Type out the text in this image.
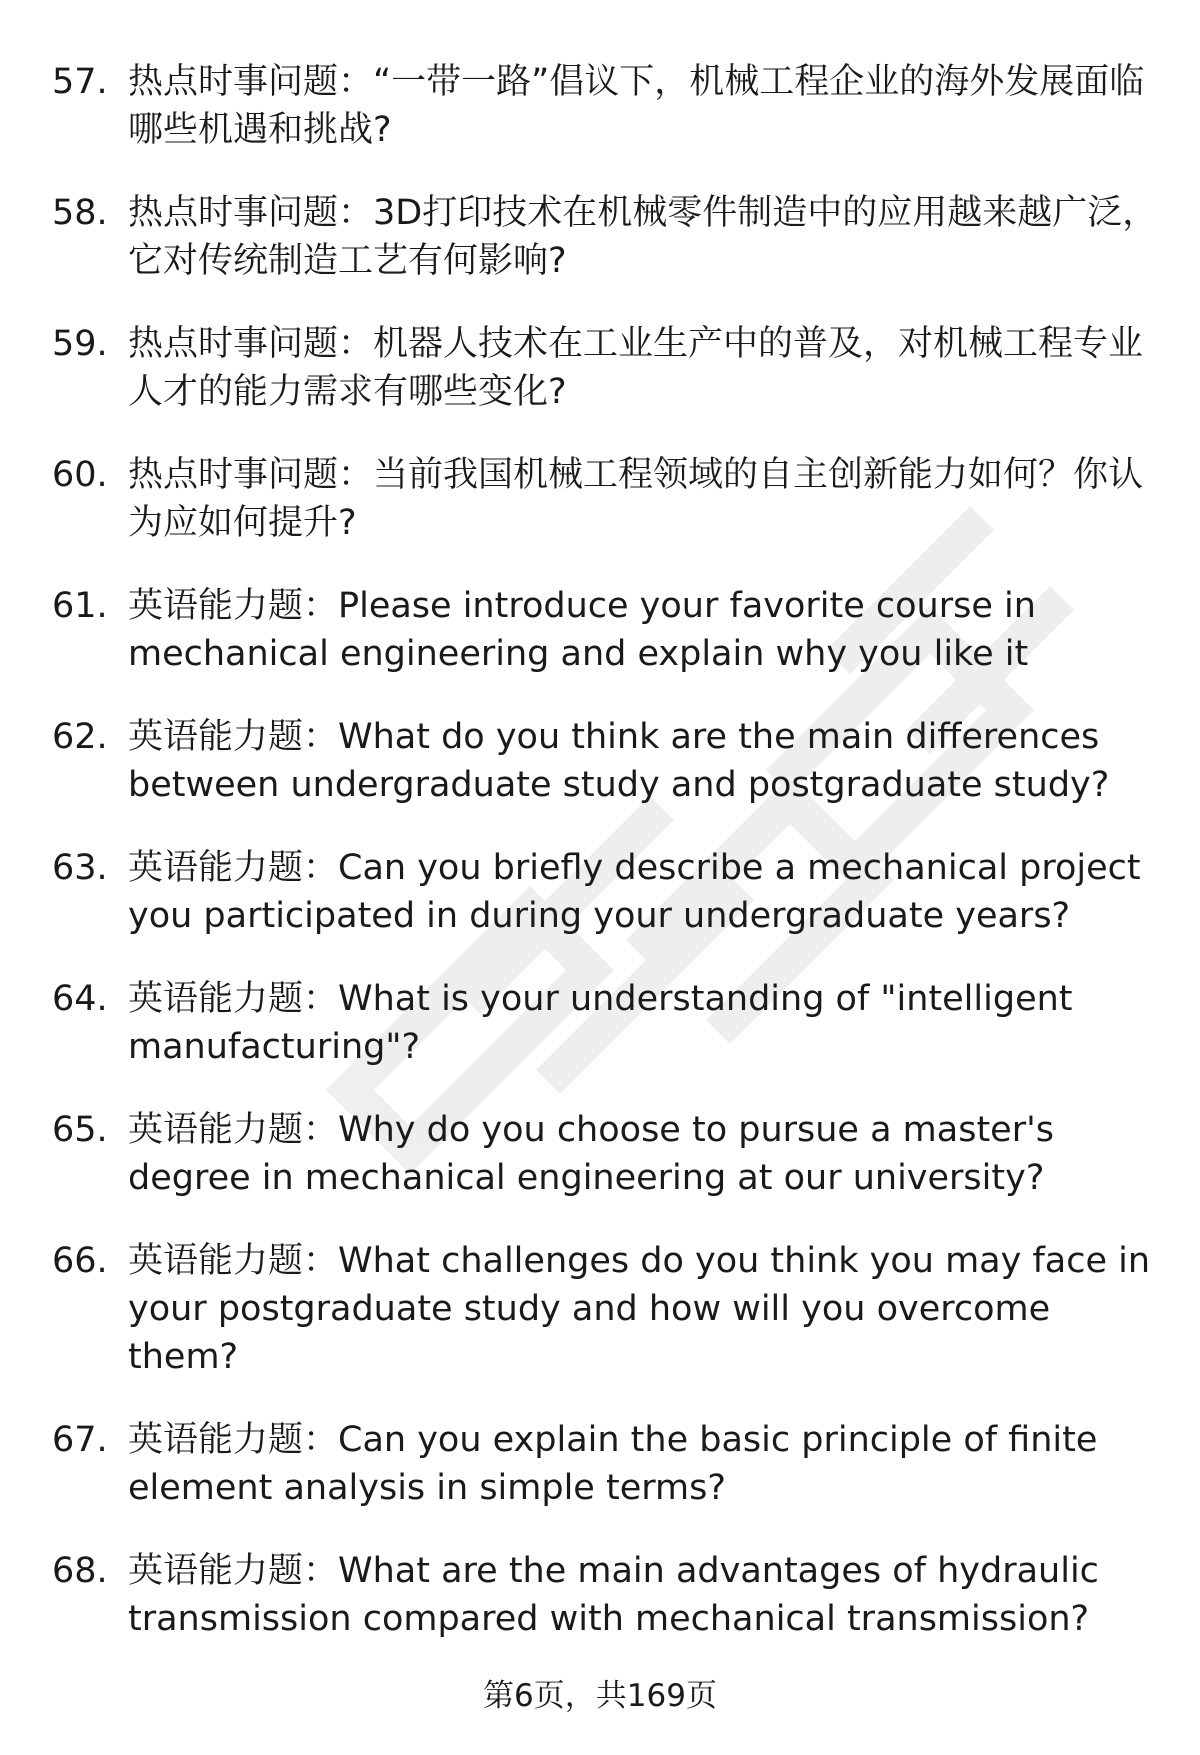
57. 热点时事问题：“一带一路”倡议下，机械工程企业的海外发展面临哪些机遇和挑战?
58. 热点时事问题：3D打印技术在机械零件制造中的应用越来越广泛，它对传统制造工艺有何影响?
59. 热点时事问题：机器人技术在工业生产中的普及，对机械工程专业人才的能力需求有哪些变化?
60. 热点时事问题：当前我国机械工程领域的自主创新能力如何？你认为应如何提升?
61. 英语能力题：Please introduce your favorite course in mechanical engineering and explain why you like it
62. 英语能力题：What do you think are the main differences between undergraduate study and postgraduate study?
63. 英语能力题：Can you briefly describe a mechanical project you participated in during your undergraduate years?
64. 英语能力题：What is your understanding of "intelligent manufacturing"?
65. 英语能力题：Why do you choose to pursue a master's degree in mechanical engineering at our university?
66. 英语能力题：What challenges do you think you may face in your postgraduate study and how will you overcome them?
67. 英语能力题：Can you explain the basic principle of finite element analysis in simple terms?
68. 英语能力题：What are the main advantages of hydraulic transmission compared with mechanical transmission?
第6页，共169页
